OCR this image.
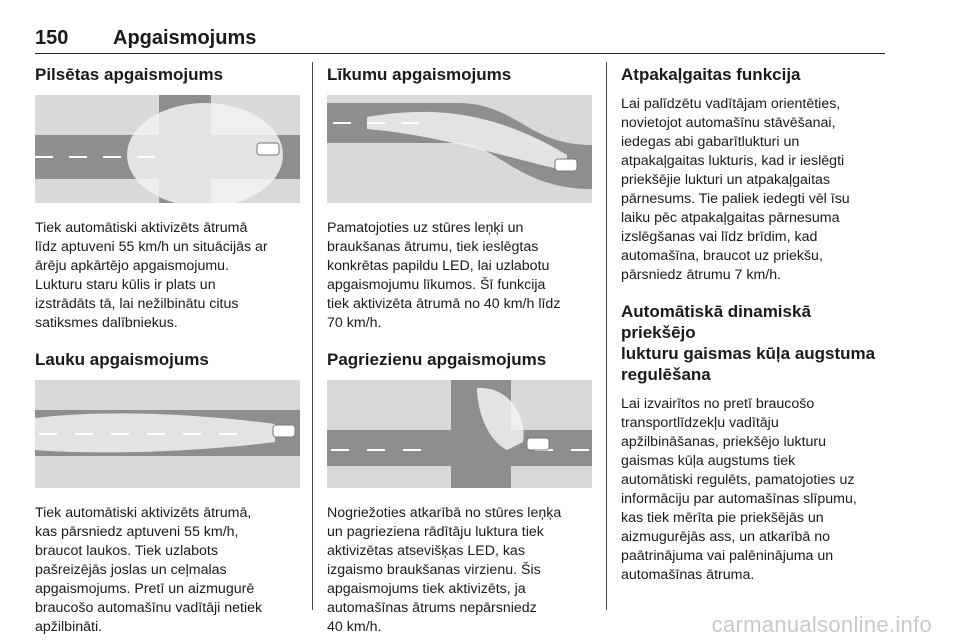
150 Apgaismojums
Pilsētas apgaismojums

Tiek automātiski aktivizēts ātrumā
līdz aptuveni 55 km/h un situācijās ar
ārēju apkārtējo apgaismojumu.
Lukturu staru kūlis ir plats un
izstrādāts tā, lai nežilbinātu citus
satiksmes dalībniekus.

Lauku apgaismojums

Tiek automātiski aktivizēts ātrumā,
kas pārsniedz aptuveni 55 km/h,
braucot laukos. Tiek uzlabots
pašreizējās joslas un ceļmalas
apgaismojums. Pretī un aizmugurē
braucošo automašīnu vadītāji netiek
apžilbināti.

Līkumu apgaismojums

Pamatojoties uz stūres leņķi un
braukšanas ātrumu, tiek ieslēgtas
konkrētas papildu LED, lai uzlabotu
apgaismojumu līkumos. Šī funkcija
tiek aktivizēta ātrumā no 40 km/h līdz
70 km/h.

Pagriezienu apgaismojums

Nogriežoties atkarībā no stūres leņķa
un pagrieziena rādītāju luktura tiek
aktivizētas atsevišķas LED, kas
izgaismo braukšanas virzienu. Šis
apgaismojums tiek aktivizēts, ja
automašīnas ātrums nepārsniedz
40 km/h.

Atpakaļgaitas funkcija

Lai palīdzētu vadītājam orientēties,
novietojot automašīnu stāvēšanai,
iedegas abi gabarītlukturi un
atpakaļgaitas lukturis, kad ir ieslēgti
priekšējie lukturi un atpakaļgaitas
pārnesums. Tie paliek iedegti vēl īsu
laiku pēc atpakaļgaitas pārnesuma
izslēgšanas vai līdz brīdim, kad
automašīna, braucot uz priekšu,
pārsniedz ātrumu 7 km/h.

Automātiskā dinamiskā priekšējo
lukturu gaismas kūļa augstuma
regulēšana

Lai izvairītos no pretī braucošo
transportlīdzekļu vadītāju
apžilbināšanas, priekšējo lukturu
gaismas kūļa augstums tiek
automātiski regulēts, pamatojoties uz
informāciju par automašīnas slīpumu,
kas tiek mērīta pie priekšējās un
aizmugurējās ass, un atkarībā no
paātrinājuma vai palēninājuma un
automašīnas ātruma.

carmanualsonline.info
